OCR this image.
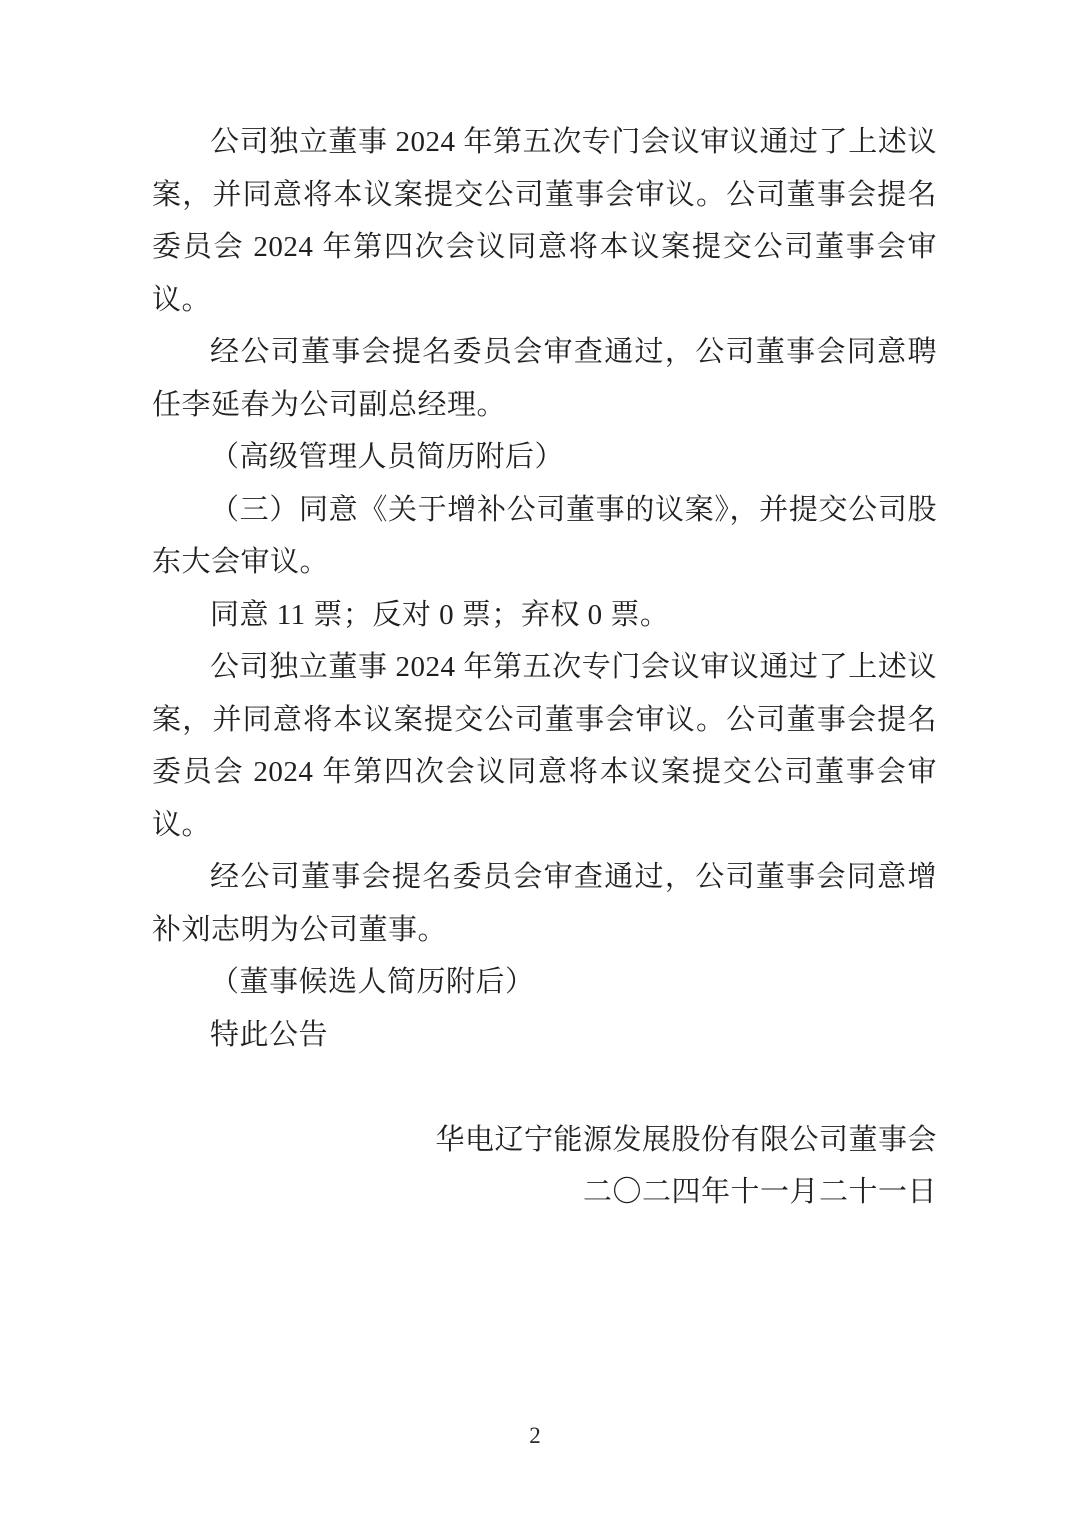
公司独立董事 2024 年第五次专门会议审议通过了上述议案，并同意将本议案提交公司董事会审议。公司董事会提名委员会 2024 年第四次会议同意将本议案提交公司董事会审议。

经公司董事会提名委员会审查通过，公司董事会同意聘任李延春为公司副总经理。

（高级管理人员简历附后）

（三）同意《关于增补公司董事的议案》，并提交公司股东大会审议。

同意 11 票；反对 0 票；弃权 0 票。

公司独立董事 2024 年第五次专门会议审议通过了上述议案，并同意将本议案提交公司董事会审议。公司董事会提名委员会 2024 年第四次会议同意将本议案提交公司董事会审议。

经公司董事会提名委员会审查通过，公司董事会同意增补刘志明为公司董事。

（董事候选人简历附后）

特此公告

华电辽宁能源发展股份有限公司董事会

二〇二四年十一月二十一日

2
